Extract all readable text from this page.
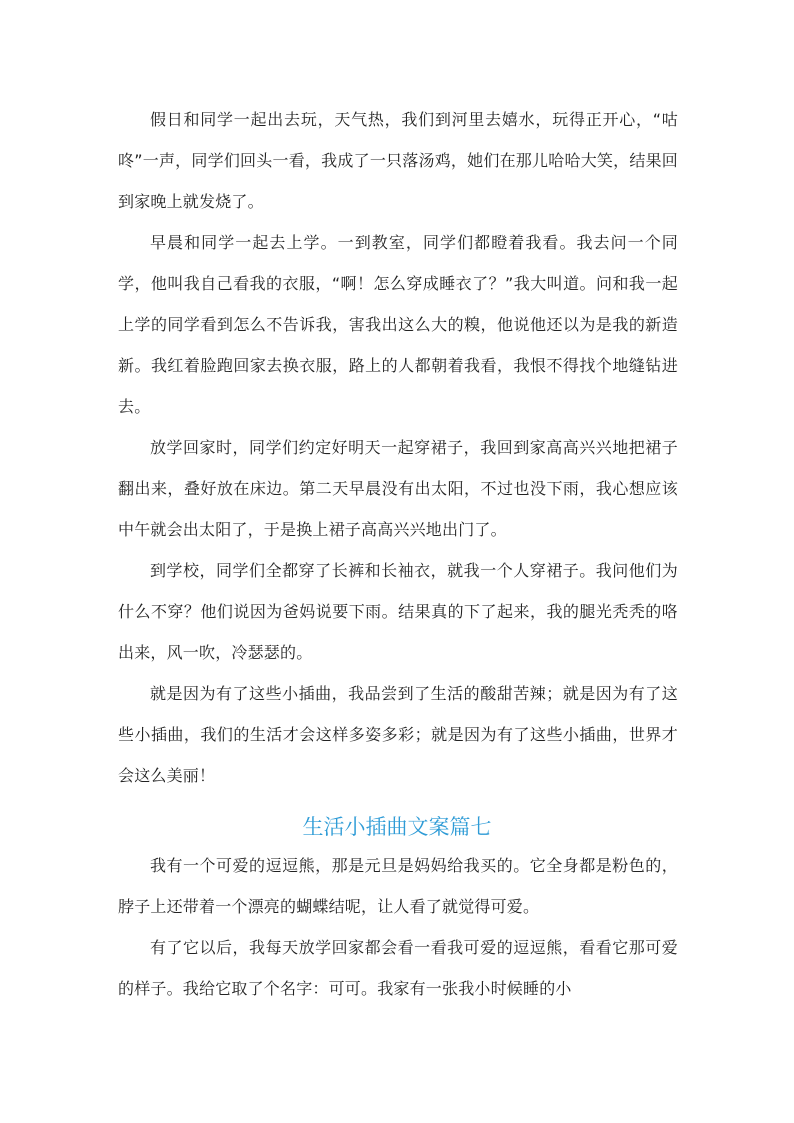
假日和同学一起出去玩，天气热，我们到河里去嬉水，玩得正开心，“咕咚”一声，同学们回头一看，我成了一只落汤鸡，她们在那儿哈哈大笑，结果回到家晚上就发烧了。

早晨和同学一起去上学。一到教室，同学们都瞪着我看。我去问一个同学，他叫我自己看我的衣服，“啊！怎么穿成睡衣了？”我大叫道。问和我一起上学的同学看到怎么不告诉我，害我出这么大的糗，他说他还以为是我的新造新。我红着脸跑回家去换衣服，路上的人都朝着我看，我恨不得找个地缝钻进去。

放学回家时，同学们约定好明天一起穿裙子，我回到家高高兴兴地把裙子翻出来，叠好放在床边。第二天早晨没有出太阳，不过也没下雨，我心想应该中午就会出太阳了，于是换上裙子高高兴兴地出门了。

到学校，同学们全都穿了长裤和长袖衣，就我一个人穿裙子。我问他们为什么不穿？他们说因为爸妈说要下雨。结果真的下了起来，我的腿光秃秃的咯出来，风一吹，冷瑟瑟的。

就是因为有了这些小插曲，我品尝到了生活的酸甜苦辣；就是因为有了这些小插曲，我们的生活才会这样多姿多彩；就是因为有了这些小插曲，世界才会这么美丽！

生活小插曲文案篇七

我有一个可爱的逗逗熊，那是元旦是妈妈给我买的。它全身都是粉色的，脖子上还带着一个漂亮的蝴蝶结呢，让人看了就觉得可爱。

有了它以后，我每天放学回家都会看一看我可爱的逗逗熊，看看它那可爱的样子。我给它取了个名字：可可。我家有一张我小时候睡的小
